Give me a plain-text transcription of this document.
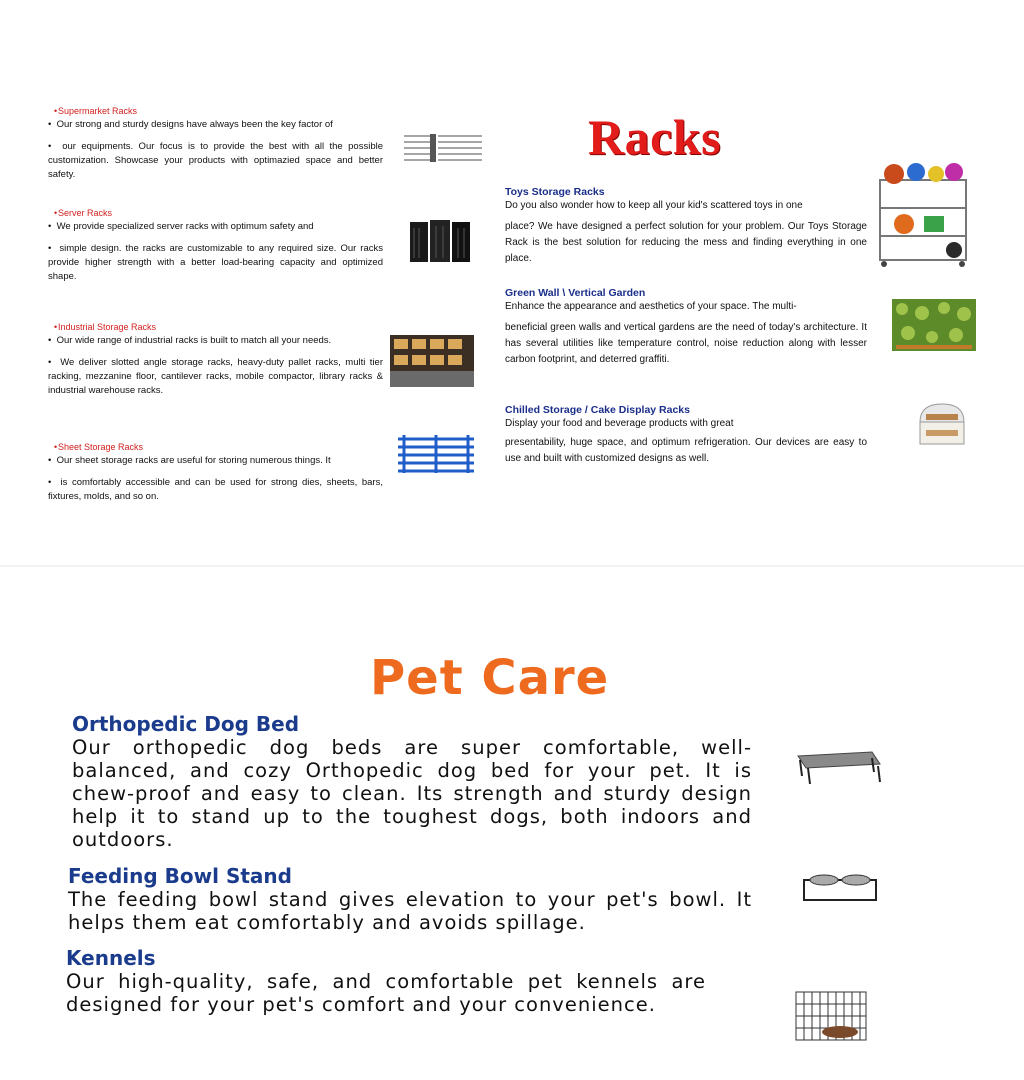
Racks
• Supermarket Racks

•  Our strong and sturdy designs have always been the key factor of

•  our equipments. Our focus is to provide the best with all the possible customization. Showcase your products with optimazied space and better safety.

• Server Racks

•  We provide specialized server racks with optimum safety and

•  simple design. the racks are customizable to any required size. Our racks provide higher strength with a better load-bearing capacity and optimized shape.

• Industrial Storage Racks

•  Our wide range of industrial racks is built to match all your needs.

•  We deliver slotted angle storage racks, heavy-duty pallet racks, multi tier racking, mezzanine floor, cantilever racks, mobile compactor, library racks & industrial warehouse racks.

• Sheet Storage Racks

•  Our sheet storage racks are useful for storing numerous things. It

•  is comfortably accessible and can be used for strong dies, sheets, bars, fixtures, molds, and so on.

Toys Storage Racks

Do you also wonder how to keep all your kid's scattered toys in one

place? We have designed a perfect solution for your problem. Our Toys Storage Rack is the best solution for reducing the mess and finding everything in one place.

Green Wall \ Vertical Garden

Enhance the appearance and aesthetics of your space. The multi-

beneficial green walls and vertical gardens are the need of today's architecture. It has several utilities like temperature control, noise reduction along with lesser carbon footprint, and deterred graffiti.

Chilled Storage / Cake Display Racks

Display your food and beverage products with great

presentability, huge space, and optimum refrigeration. Our devices are easy to use and built with customized designs as well.

Pet Care
Orthopedic Dog Bed

Our orthopedic dog beds are super comfortable, well-balanced, and cozy Orthopedic dog bed for your pet. It is chew-proof and easy to clean. Its strength and sturdy design help it to stand up to the toughest dogs, both indoors and outdoors.

Feeding Bowl Stand

The feeding bowl stand gives elevation to your pet's bowl. It helps them eat comfortably and avoids spillage.

Kennels

Our high-quality, safe, and comfortable pet kennels are designed for your pet's comfort and your convenience.
